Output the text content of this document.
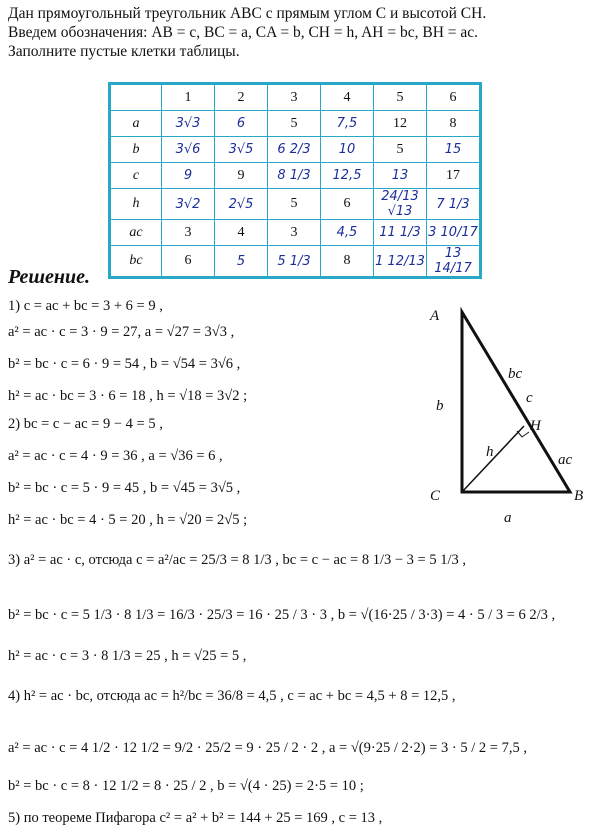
Дан прямоугольный треугольник ABC с прямым углом C и высотой CH.
Введем обозначения: AB = c, BC = a, CA = b, CH = h, AH = bc, BH = ac.
Заполните пустые клетки таблицы.
	1	2	3	4	5	6
a	3√3	6	5	7,5	12	8
b	3√6	3√5	6 2/3	10	5	15
c	9	9	8 1/3	12,5	13	17
h	3√2	2√5	5	6	24/13 √13	7 1/3
ac	3	4	3	4,5	11 1/3	3 10/17
bc	6	5	5 1/3	8	1 12/13	13 14/17
Решение.
1) c = ac + bc = 3 + 6 = 9 ,
a² = ac · c = 3 · 9 = 27, a = √27 = 3√3 ,
b² = bc · c = 6 · 9 = 54 , b = √54 = 3√6 ,
h² = ac · bc = 3 · 6 = 18 , h = √18 = 3√2 ;
2) bc = c − ac = 9 − 4 = 5 ,
a² = ac · c = 4 · 9 = 36 , a = √36 = 6 ,
b² = bc · c = 5 · 9 = 45 , b = √45 = 3√5 ,
h² = ac · bc = 4 · 5 = 20 , h = √20 = 2√5 ;
3) a² = ac · c, отсюда c = a²/ac = 25/3 = 8 1/3 , bc = c − ac = 8 1/3 − 3 = 5 1/3 ,
b² = bc · c = 5 1/3 · 8 1/3 = 16/3 · 25/3 = 16 · 25 / 3 · 3 , b = √(16·25 / 3·3) = 4 · 5 / 3 = 6 2/3 ,
h² = ac · c = 3 · 8 1/3 = 25 , h = √25 = 5 ,
4) h² = ac · bc, отсюда ac = h²/bc = 36/8 = 4,5 , c = ac + bc = 4,5 + 8 = 12,5 ,
a² = ac · c = 4 1/2 · 12 1/2 = 9/2 · 25/2 = 9 · 25 / 2 · 2 , a = √(9·25 / 2·2) = 3 · 5 / 2 = 7,5 ,
b² = bc · c = 8 · 12 1/2 = 8 · 25 / 2 , b = √(4 · 25) = 2·5 = 10 ;
5) по теореме Пифагора c² = a² + b² = 144 + 25 = 169 , c = 13 ,
A
C	B
H
b
a
c
h
bc
ac
